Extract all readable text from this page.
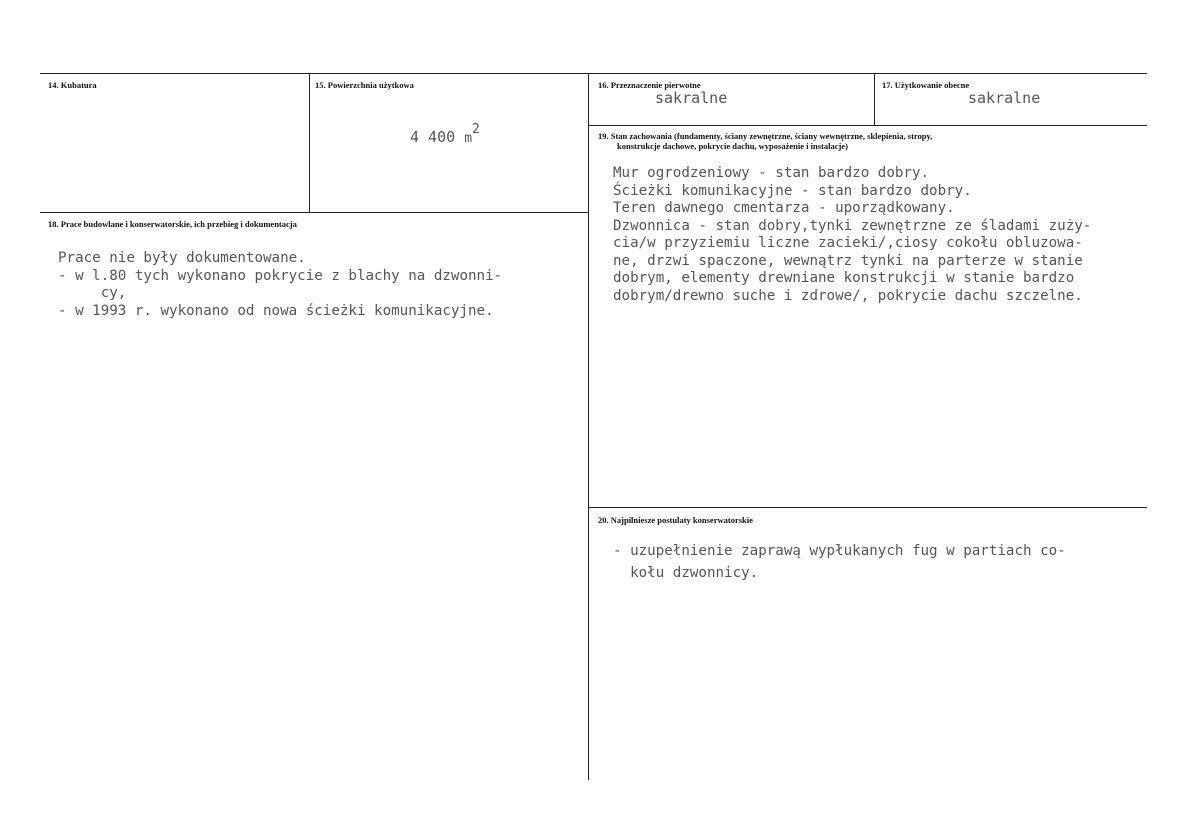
14. Kubatura	15. Powierzchnia użytkowa
4 400 m2
16. Przeznaczenie pierwotne
sakralne
17. Użytkowanie obecne
sakralne
18. Prace budowlane i konserwatorskie, ich przebieg i dokumentacja
Prace nie były dokumentowane.
- w l.80 tych wykonano pokrycie z blachy na dzwonni-
cy,
- w 1993 r. wykonano od nowa ścieżki komunikacyjne.
19. Stan zachowania (fundamenty, ściany zewnętrzne, ściany wewnętrzne, sklepienia, stropy,
konstrukcje dachowe, pokrycie dachu, wyposażenie i instalacje)
Mur ogrodzeniowy - stan bardzo dobry.
Ścieżki komunikacyjne - stan bardzo dobry.
Teren dawnego cmentarza - uporządkowany.
Dzwonnica - stan dobry,tynki zewnętrzne ze śladami zuży-
cia/w przyziemiu liczne zacieki/,ciosy cokołu obluzowa-
ne, drzwi spaczone, wewnątrz tynki na parterze w stanie
dobrym, elementy drewniane konstrukcji w stanie bardzo
dobrym/drewno suche i zdrowe/, pokrycie dachu szczelne.
20. Najpilniesze postulaty konserwatorskie
- uzupełnienie zaprawą wypłukanych fug w partiach co-
kołu dzwonnicy.
